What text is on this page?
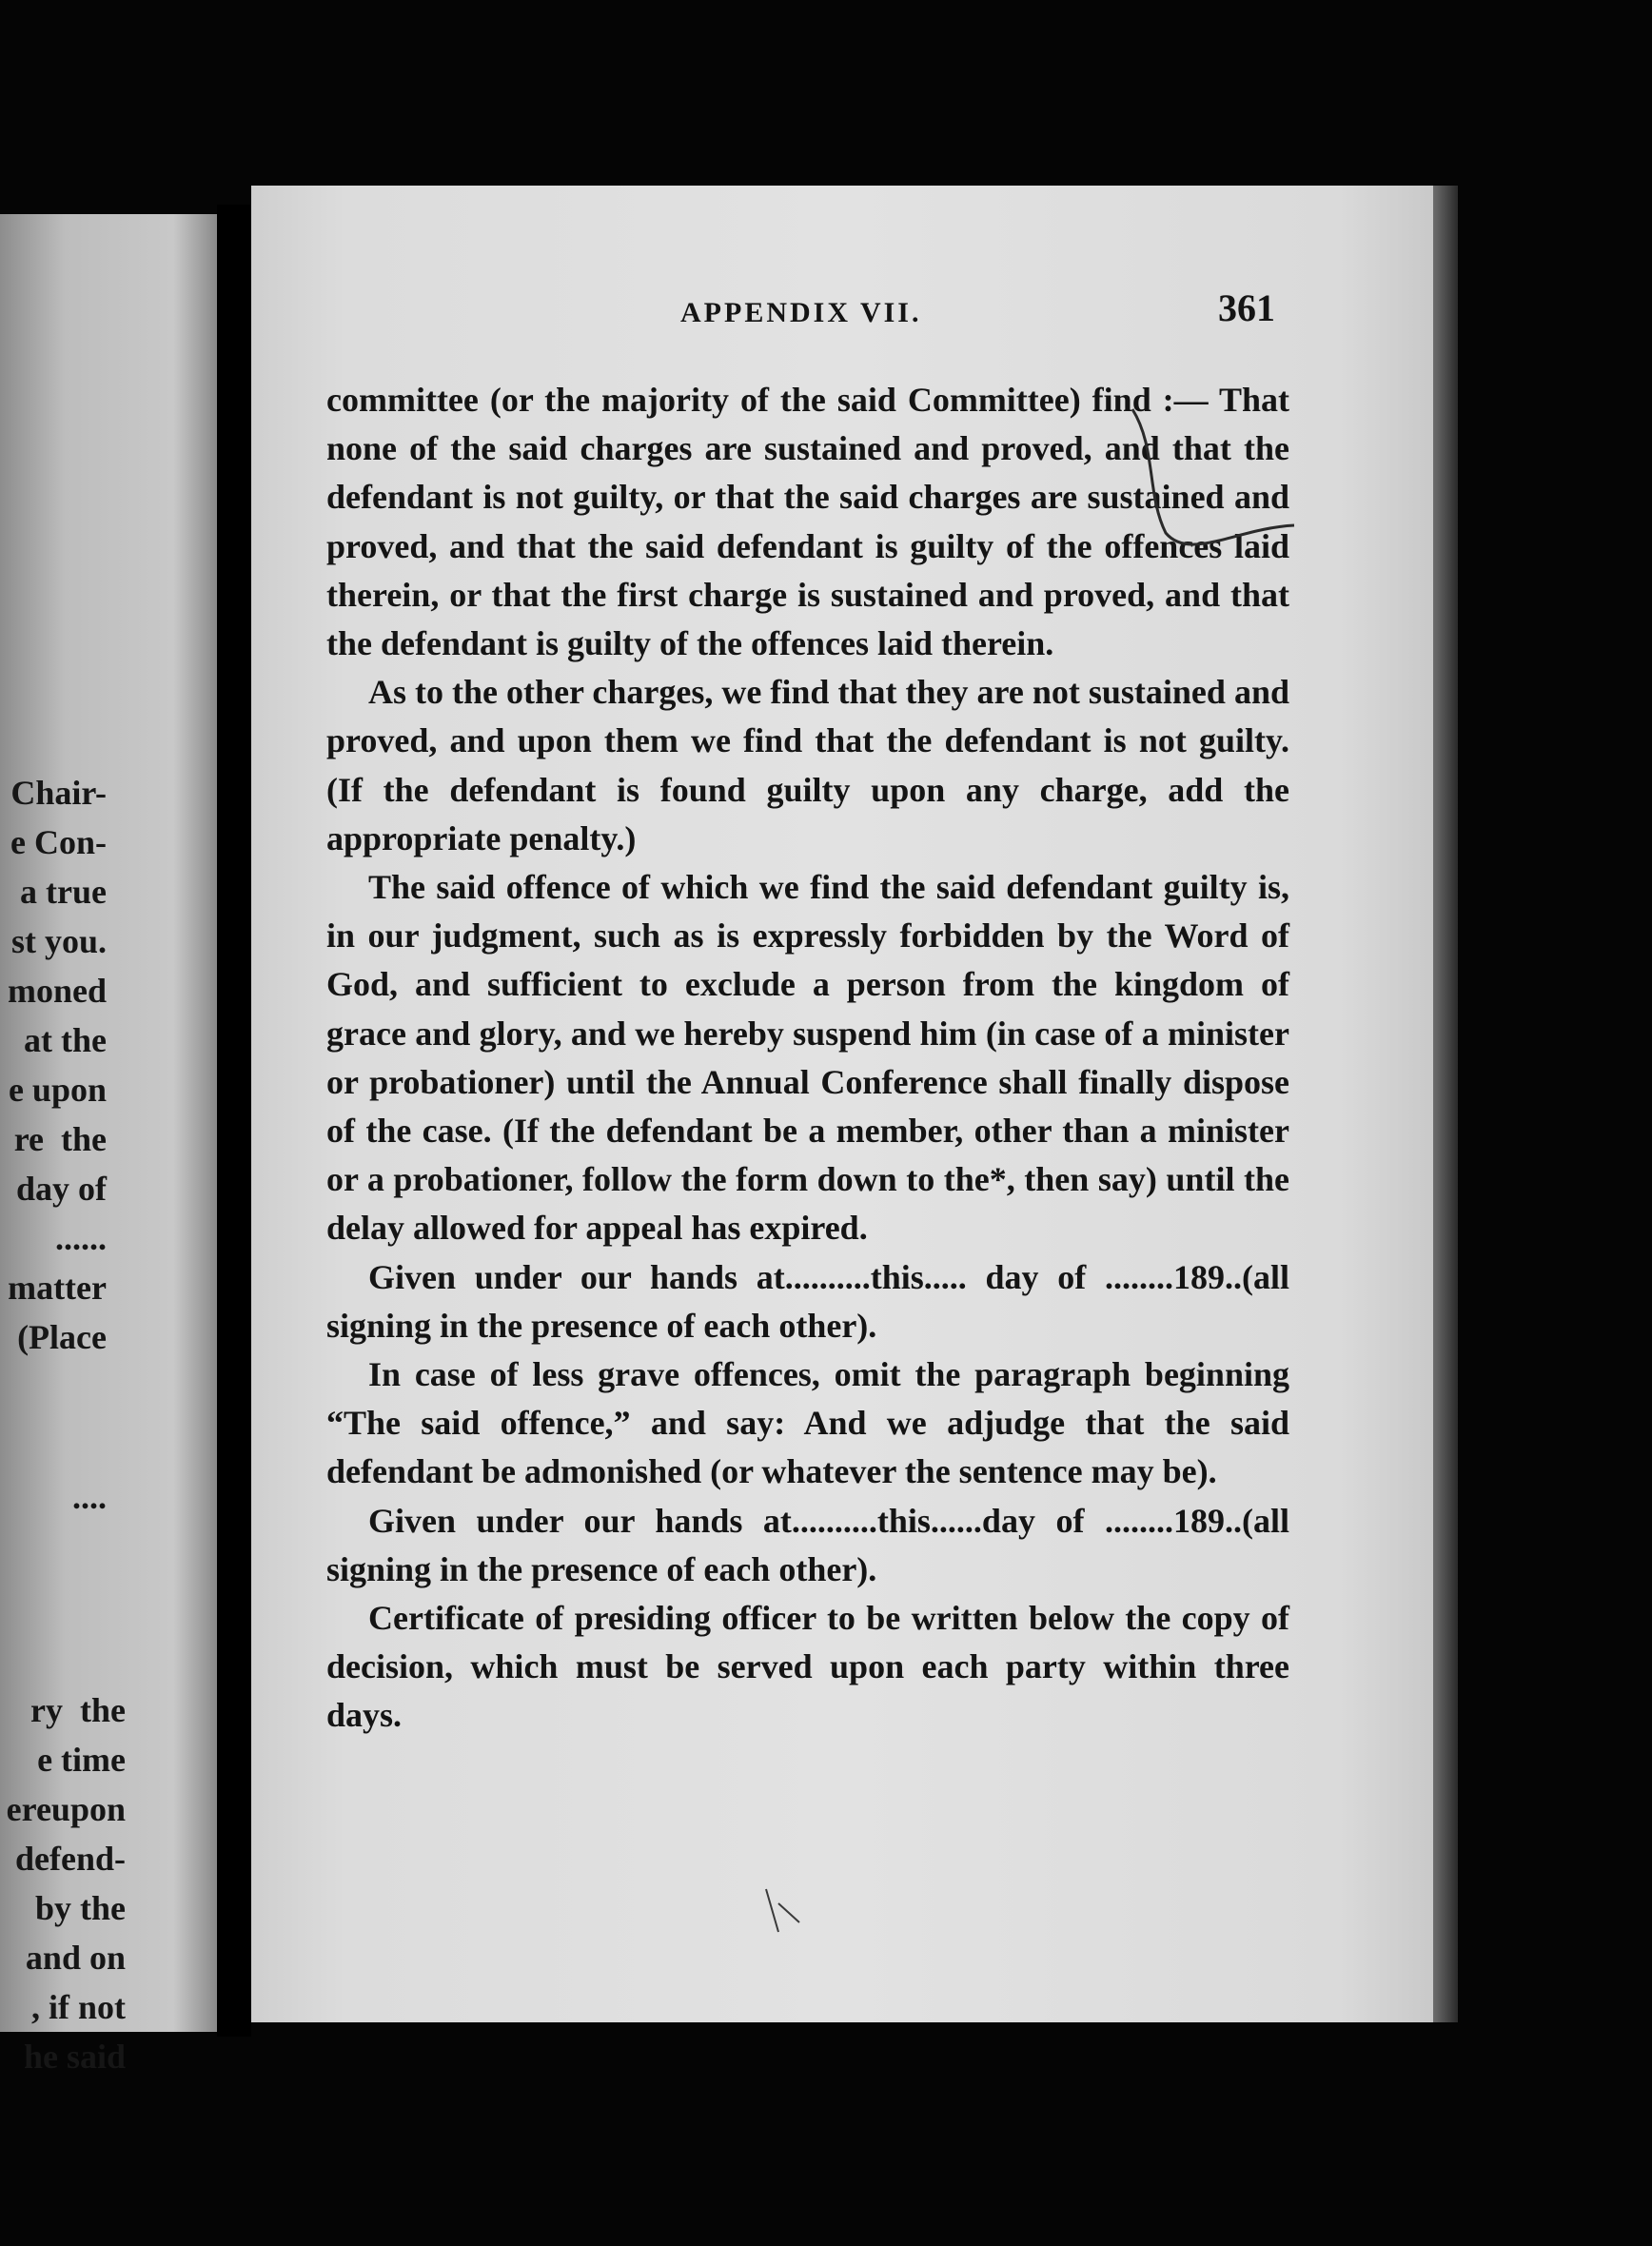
Chair-
e Con-
a true
st you.
moned
at the
e upon
re  the
day of
......
matter
(Place
....
ry  the
e time
ereupon
defend-
by the
and on
, if not
he said
APPENDIX VII.	361

committee (or the majority of the said Committee) find :— That none of the said charges are sustained and proved, and that the defendant is not guilty, or that the said charges are sustained and proved, and that the said defendant is guilty of the offences laid therein, or that the first charge is sustained and proved, and that the defendant is guilty of the offences laid therein.

As to the other charges, we find that they are not sustained and proved, and upon them we find that the defendant is not guilty. (If the defendant is found guilty upon any charge, add the appropriate penalty.)

The said offence of which we find the said defendant guilty is, in our judgment, such as is expressly forbidden by the Word of God, and sufficient to exclude a person from the kingdom of grace and glory, and we hereby suspend him (in case of a minister or probationer) until the Annual Conference shall finally dispose of the case. (If the defendant be a member, other than a minister or a probationer, follow the form down to the*, then say) until the delay allowed for appeal has expired.

Given under our hands at..........this..... day of ........189..(all signing in the presence of each other).

In case of less grave offences, omit the paragraph beginning “The said offence,” and say: And we adjudge that the said defendant be admonished (or whatever the sentence may be).

Given under our hands at..........this......day of ........189..(all signing in the presence of each other).

Certificate of presiding officer to be written below the copy of decision, which must be served upon each party within three days.
